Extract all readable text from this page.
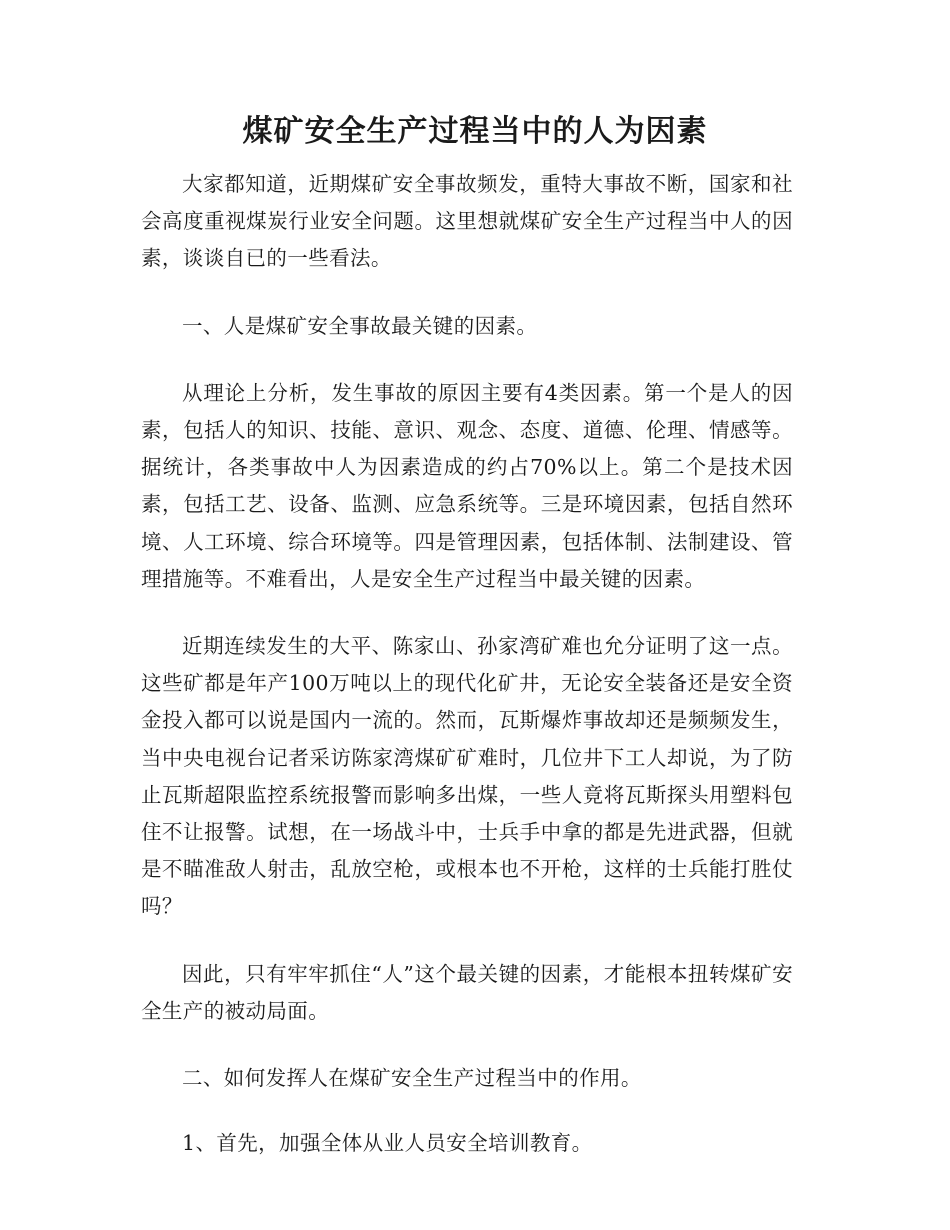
煤矿安全生产过程当中的人为因素

大家都知道，近期煤矿安全事故频发，重特大事故不断，国家和社会高度重视煤炭行业安全问题。这里想就煤矿安全生产过程当中人的因素，谈谈自已的一些看法。

一、人是煤矿安全事故最关键的因素。

从理论上分析，发生事故的原因主要有4类因素。第一个是人的因素，包括人的知识、技能、意识、观念、态度、道德、伦理、情感等。据统计，各类事故中人为因素造成的约占70%以上。第二个是技术因素，包括工艺、设备、监测、应急系统等。三是环境因素，包括自然环境、人工环境、综合环境等。四是管理因素，包括体制、法制建设、管理措施等。不难看出，人是安全生产过程当中最关键的因素。

近期连续发生的大平、陈家山、孙家湾矿难也允分证明了这一点。这些矿都是年产100万吨以上的现代化矿井，无论安全装备还是安全资金投入都可以说是国内一流的。然而，瓦斯爆炸事故却还是频频发生，当中央电视台记者采访陈家湾煤矿矿难时，几位井下工人却说，为了防止瓦斯超限监控系统报警而影响多出煤，一些人竟将瓦斯探头用塑料包住不让报警。试想，在一场战斗中，士兵手中拿的都是先进武器，但就是不瞄准敌人射击，乱放空枪，或根本也不开枪，这样的士兵能打胜仗吗？

因此，只有牢牢抓住“人”这个最关键的因素，才能根本扭转煤矿安全生产的被动局面。

二、如何发挥人在煤矿安全生产过程当中的作用。

1、首先，加强全体从业人员安全培训教育。
